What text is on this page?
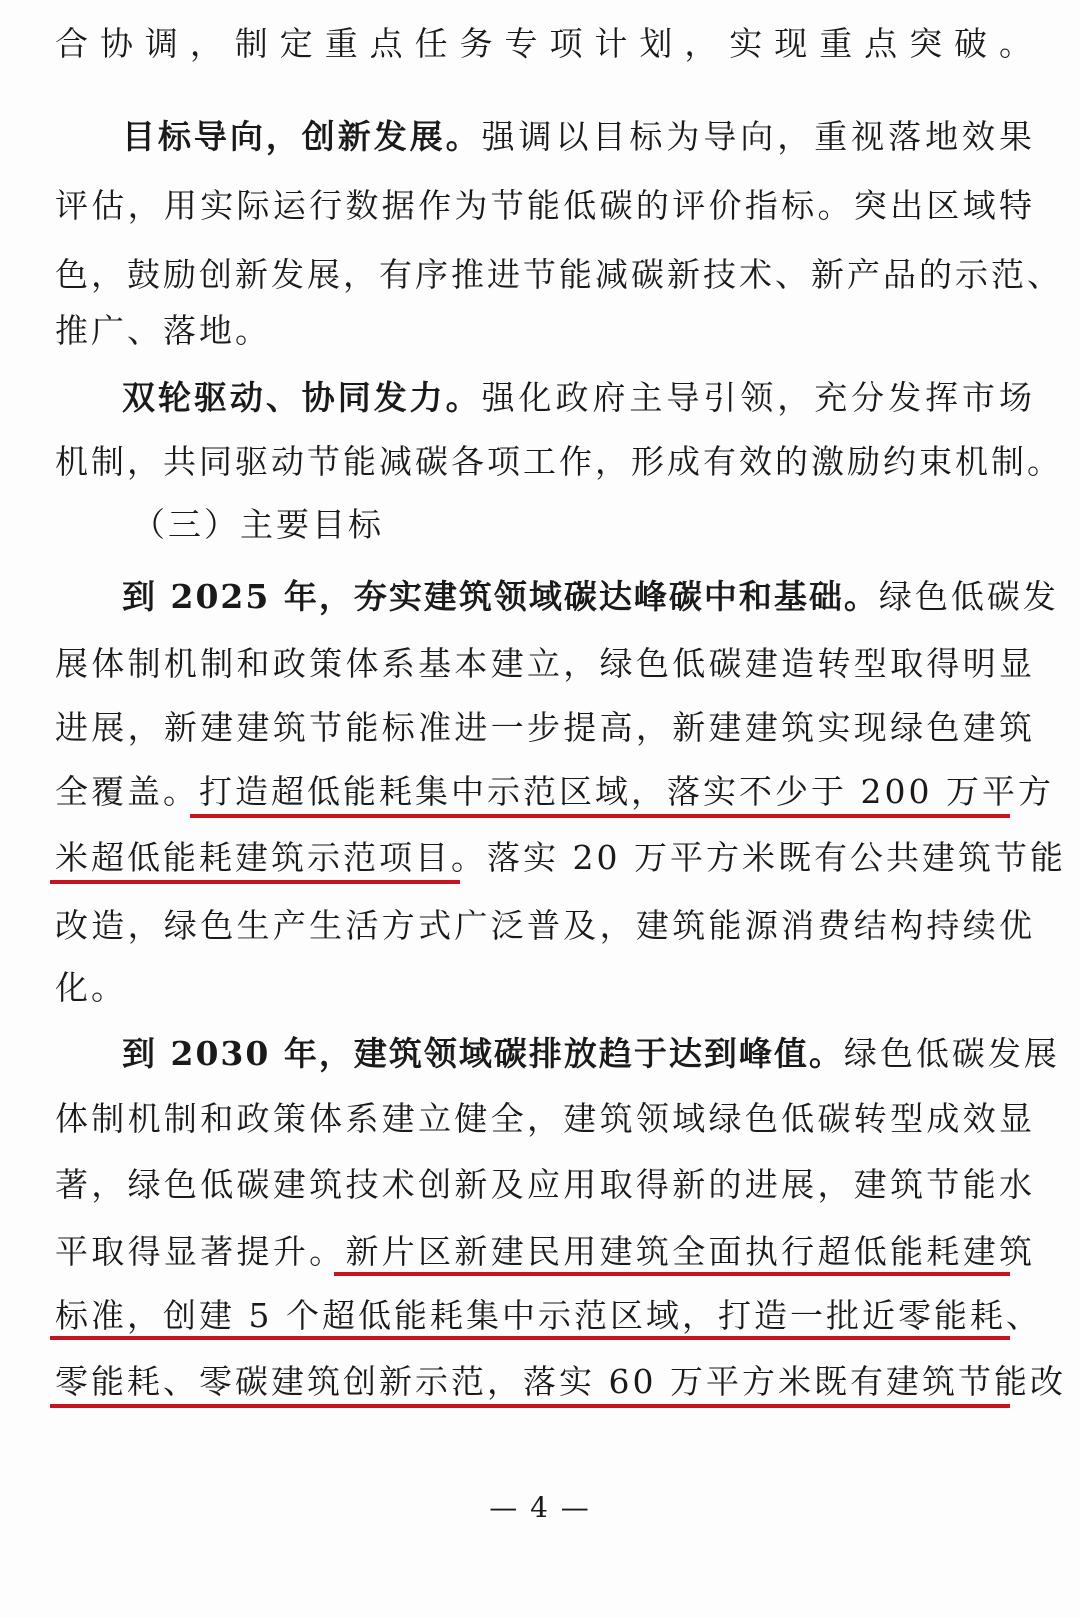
合协调，制定重点任务专项计划，实现重点突破。
目标导向，创新发展。强调以目标为导向，重视落地效果
评估，用实际运行数据作为节能低碳的评价指标。突出区域特
色，鼓励创新发展，有序推进节能减碳新技术、新产品的示范、
推广、落地。
双轮驱动、协同发力。强化政府主导引领，充分发挥市场
机制，共同驱动节能减碳各项工作，形成有效的激励约束机制。
（三）主要目标
到 2025 年，夯实建筑领域碳达峰碳中和基础。绿色低碳发
展体制机制和政策体系基本建立，绿色低碳建造转型取得明显
进展，新建建筑节能标准进一步提高，新建建筑实现绿色建筑
全覆盖。打造超低能耗集中示范区域，落实不少于 200 万平方
米超低能耗建筑示范项目。落实 20 万平方米既有公共建筑节能
改造，绿色生产生活方式广泛普及，建筑能源消费结构持续优
化。
到 2030 年，建筑领域碳排放趋于达到峰值。绿色低碳发展
体制机制和政策体系建立健全，建筑领域绿色低碳转型成效显
著，绿色低碳建筑技术创新及应用取得新的进展，建筑节能水
平取得显著提升。新片区新建民用建筑全面执行超低能耗建筑
标准，创建 5 个超低能耗集中示范区域，打造一批近零能耗、
零能耗、零碳建筑创新示范，落实 60 万平方米既有建筑节能改
— 4 —
